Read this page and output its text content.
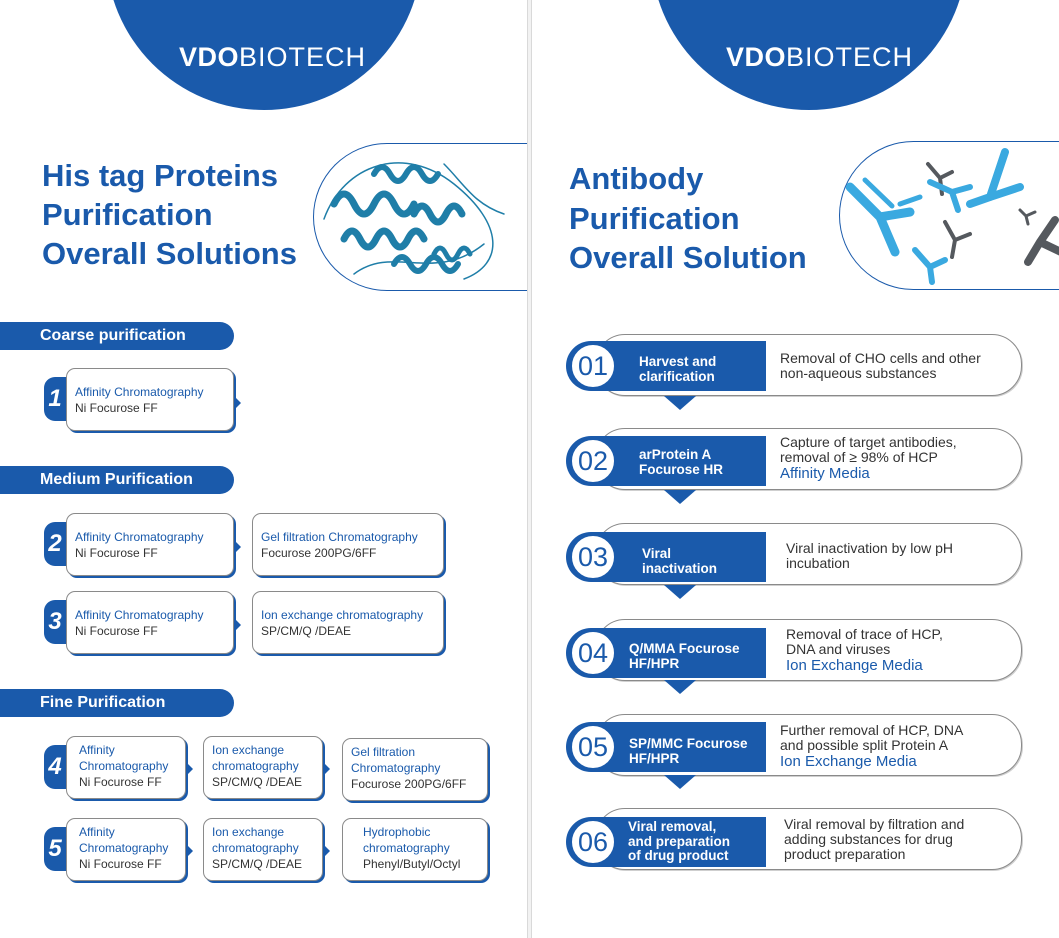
VDOBIOTECH
His tag Proteins
Purification
Overall Solutions
Coarse purification
1	Affinity Chromatography
Ni Focurose FF
Medium Purification
2	Affinity Chromatography
Ni Focurose FF
Gel filtration Chromatography
Focurose 200PG/6FF
3	Affinity Chromatography
Ni Focurose FF
Ion exchange chromatography
SP/CM/Q /DEAE
Fine Purification
4
Affinity Chromatography
Ni Focurose FF
Ion exchange chromatography
SP/CM/Q /DEAE
Gel filtration Chromatography
Focurose 200PG/6FF
5
Affinity Chromatography
Ni Focurose FF
Ion exchange chromatography
SP/CM/Q /DEAE
Hydrophobic chromatography
Phenyl/Butyl/Octyl
VDOBIOTECH
Antibody
Purification
Overall Solution
01	Harvest and
clarification
Removal of CHO cells and other
non-aqueous substances
02	arProtein A
Focurose HR
Capture of target antibodies,
removal of ≥ 98% of HCP
Affinity Media
03	Viral
inactivation
Viral inactivation by low pH
incubation
04	Q/MMA Focurose
HF/HPR
Removal of trace of HCP,
DNA and viruses
Ion Exchange Media
05	SP/MMC Focurose
HF/HPR
Further removal of HCP, DNA
and possible split Protein A
Ion Exchange Media
06
Viral removal,
and preparation
of drug product
Viral removal by filtration and
adding substances for drug
product preparation
